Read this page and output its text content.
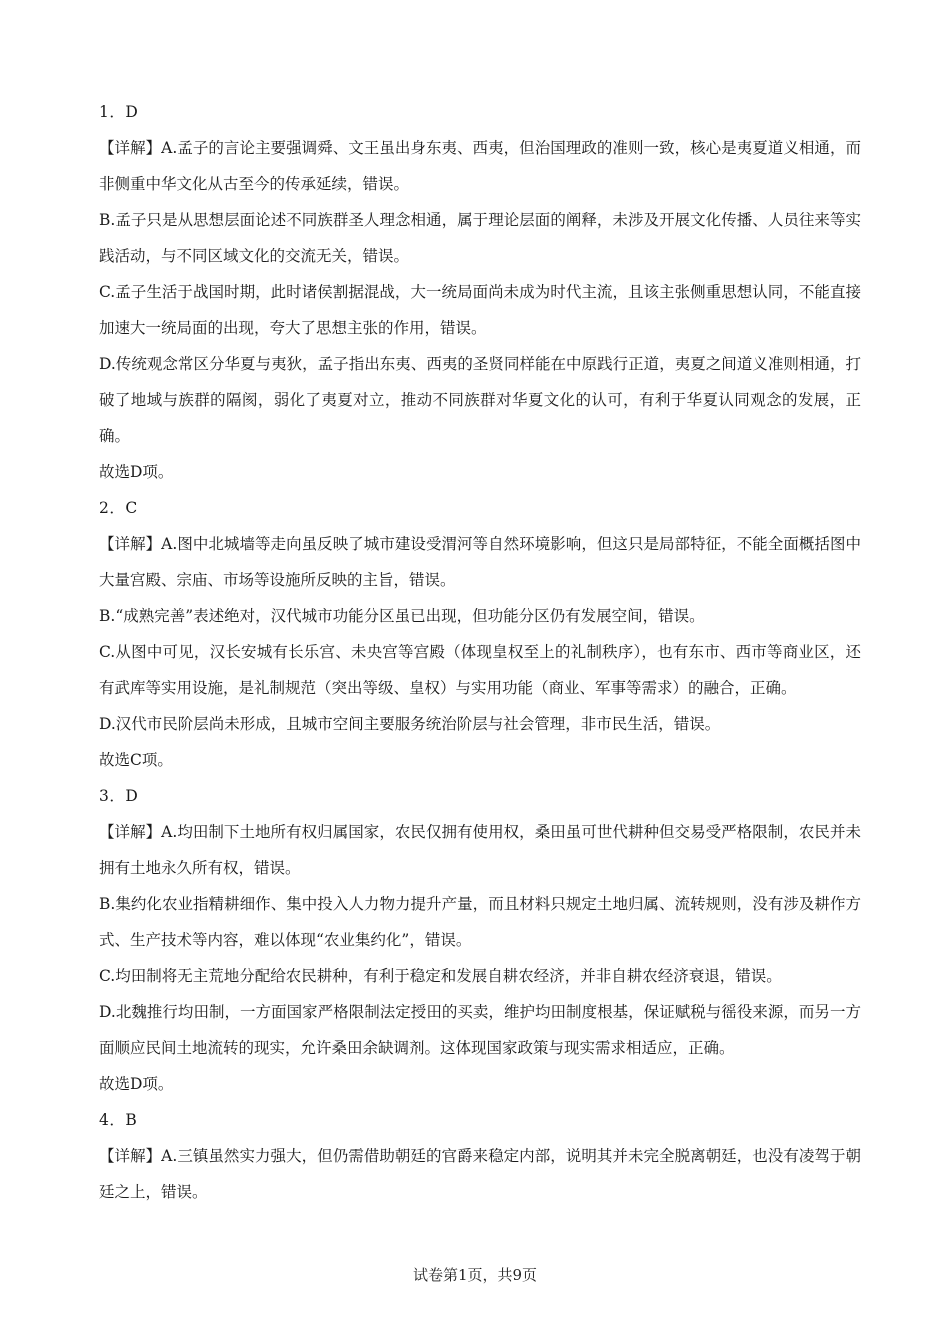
1．D

【详解】A.孟子的言论主要强调舜、文王虽出身东夷、西夷，但治国理政的准则一致，核心是夷夏道义相通，而非侧重中华文化从古至今的传承延续，错误。

B.孟子只是从思想层面论述不同族群圣人理念相通，属于理论层面的阐释，未涉及开展文化传播、人员往来等实践活动，与不同区域文化的交流无关，错误。

C.孟子生活于战国时期，此时诸侯割据混战，大一统局面尚未成为时代主流，且该主张侧重思想认同，不能直接加速大一统局面的出现，夸大了思想主张的作用，错误。

D.传统观念常区分华夏与夷狄，孟子指出东夷、西夷的圣贤同样能在中原践行正道，夷夏之间道义准则相通，打破了地域与族群的隔阂，弱化了夷夏对立，推动不同族群对华夏文化的认可，有利于华夏认同观念的发展，正确。

故选D项。

2．C

【详解】A.图中北城墙等走向虽反映了城市建设受渭河等自然环境影响，但这只是局部特征，不能全面概括图中大量宫殿、宗庙、市场等设施所反映的主旨，错误。

B.“成熟完善”表述绝对，汉代城市功能分区虽已出现，但功能分区仍有发展空间，错误。

C.从图中可见，汉长安城有长乐宫、未央宫等宫殿（体现皇权至上的礼制秩序），也有东市、西市等商业区，还有武库等实用设施，是礼制规范（突出等级、皇权）与实用功能（商业、军事等需求）的融合，正确。

D.汉代市民阶层尚未形成，且城市空间主要服务统治阶层与社会管理，非市民生活，错误。

故选C项。

3．D

【详解】A.均田制下土地所有权归属国家，农民仅拥有使用权，桑田虽可世代耕种但交易受严格限制，农民并未拥有土地永久所有权，错误。

B.集约化农业指精耕细作、集中投入人力物力提升产量，而且材料只规定土地归属、流转规则，没有涉及耕作方式、生产技术等内容，难以体现“农业集约化”，错误。

C.均田制将无主荒地分配给农民耕种，有利于稳定和发展自耕农经济，并非自耕农经济衰退，错误。

D.北魏推行均田制，一方面国家严格限制法定授田的买卖，维护均田制度根基，保证赋税与徭役来源，而另一方面顺应民间土地流转的现实，允许桑田余缺调剂。这体现国家政策与现实需求相适应，正确。

故选D项。

4．B

【详解】A.三镇虽然实力强大，但仍需借助朝廷的官爵来稳定内部，说明其并未完全脱离朝廷，也没有凌驾于朝廷之上，错误。

试卷第1页，共9页
